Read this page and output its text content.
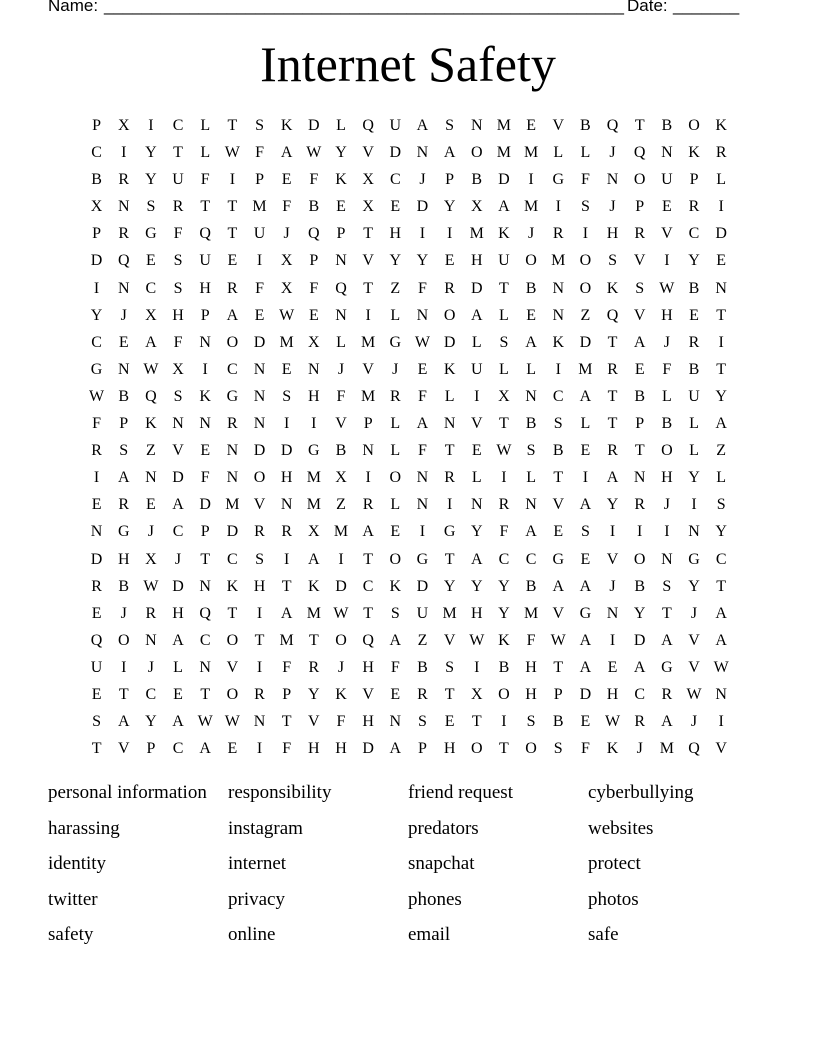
Name: _______________________________________________________ Date: _______
Internet Safety
P	X	I	C	L	T	S	K D	L	Q U A	S	N M E	V	B	Q	T	B	O K
C	I	Y	T	L W F	A W Y V D N A O M M L	L	J	Q N K	R
B	R	Y U	F	I	P	E	F	K X	C	J	P	B	D	I	G	F	N O U	P	L
X N	S	R	T	T M F	B	E	X	E	D Y X A M	I	S	J	P	E	R	I
P	R	G	F	Q	T	U	J	Q	P	T	H	I	I	M K	J	R	I	H	R	V	C	D
D Q	E	S	U	E	I	X	P	N V Y Y	E	H U O M O	S	V	I	Y	E
I	N	C	S	H	R	F	X	F	Q	T	Z	F	R	D	T	B	N O K	S W B	N
Y	J	X H	P	A	E W E	N	I	L	N O A	L	E	N	Z	Q V H	E	T
C	E	A	F	N O D M X	L M G W D	L	S	A K D	T	A	J	R	I
G N W X	I	C	N	E	N	J	V	J	E	K U	L	L	I	M R	E	F	B	T
W B	Q	S	K G N	S	H	F M R	F	L	I	X N	C	A	T	B	L	U Y
F	P	K N N	R	N	I	I	V	P	L	A N V	T	B	S	L	T	P	B	L	A
R	S	Z	V	E	N D D G	B	N	L	F	T	E W S	B	E	R	T	O	L	Z
I	A N D	F	N O H M X	I	O N	R	L	I	L	T	I	A N H Y	L
E	R	E	A D M V N M Z	R	L	N	I	N	R	N V A Y	R	J	I	S
N G	J	C	P	D	R	R	X M A	E	I	G Y	F	A	E	S	I	I	I	N Y
D H X	J	T	C	S	I	A	I	T	O G	T	A	C	C	G	E	V O N G	C
R	B W D N K H	T	K D	C	K D Y Y Y	B	A A	J	B	S	Y	T
E	J	R	H Q	T	I	A M W T	S	U M H Y M V G N Y	T	J	A
Q O N A	C	O	T M T	O Q A	Z	V W K	F W A	I	D A V A
U	I	J	L	N V	I	F	R	J	H	F	B	S	I	B	H	T	A	E	A G V W
E	T	C	E	T	O	R	P	Y K V	E	R	T	X O H	P	D H	C	R W N
S	A Y A W W N	T	V	F	H N	S	E	T	I	S	B	E W R	A	J	I
T	V	P	C	A	E	I	F	H H D A	P	H O	T	O	S	F	K	J	M Q V
personal information	responsibility	friend request	cyberbullying
harassing	instagram	predators	websites
identity	internet	snapchat	protect
twitter	privacy	phones	photos
safety	online	email	safe
